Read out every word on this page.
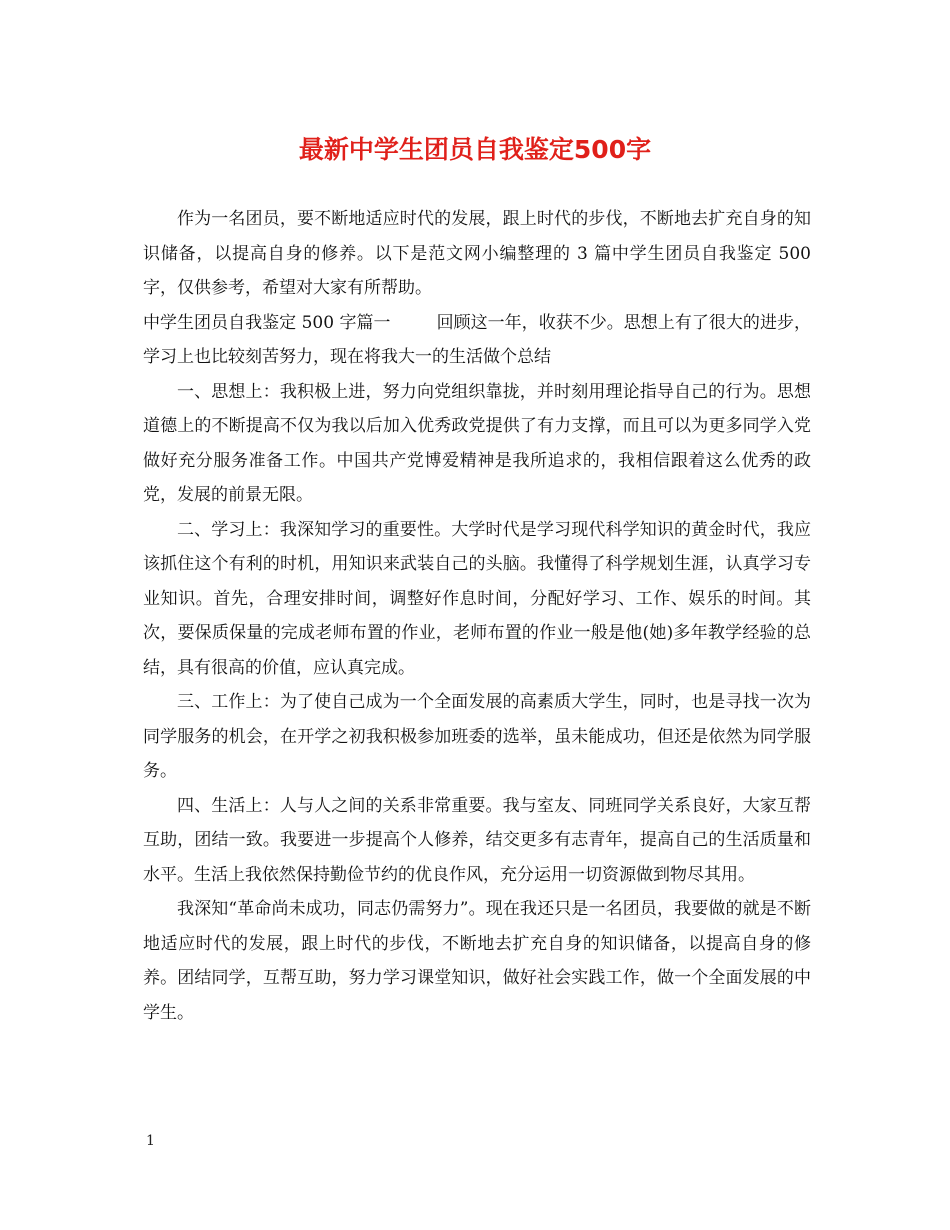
最新中学生团员自我鉴定500字

作为一名团员，要不断地适应时代的发展，跟上时代的步伐，不断地去扩充自身的知识储备，以提高自身的修养。以下是范文网小编整理的 3 篇中学生团员自我鉴定 500 字，仅供参考，希望对大家有所帮助。

中学生团员自我鉴定 500 字篇一	回顾这一年，收获不少。思想上有了很大的进步，学习上也比较刻苦努力，现在将我大一的生活做个总结

一、思想上：我积极上进，努力向党组织靠拢，并时刻用理论指导自己的行为。思想道德上的不断提高不仅为我以后加入优秀政党提供了有力支撑，而且可以为更多同学入党做好充分服务准备工作。中国共产党博爱精神是我所追求的，我相信跟着这么优秀的政党，发展的前景无限。

二、学习上：我深知学习的重要性。大学时代是学习现代科学知识的黄金时代，我应该抓住这个有利的时机，用知识来武装自己的头脑。我懂得了科学规划生涯，认真学习专业知识。首先，合理安排时间，调整好作息时间，分配好学习、工作、娱乐的时间。其次，要保质保量的完成老师布置的作业，老师布置的作业一般是他(她)多年教学经验的总结，具有很高的价值，应认真完成。

三、工作上：为了使自己成为一个全面发展的高素质大学生，同时，也是寻找一次为同学服务的机会，在开学之初我积极参加班委的选举，虽未能成功，但还是依然为同学服务。

四、生活上：人与人之间的关系非常重要。我与室友、同班同学关系良好，大家互帮互助，团结一致。我要进一步提高个人修养，结交更多有志青年，提高自己的生活质量和水平。生活上我依然保持勤俭节约的优良作风，充分运用一切资源做到物尽其用。

我深知“革命尚未成功，同志仍需努力”。现在我还只是一名团员，我要做的就是不断地适应时代的发展，跟上时代的步伐，不断地去扩充自身的知识储备，以提高自身的修养。团结同学，互帮互助，努力学习课堂知识，做好社会实践工作，做一个全面发展的中学生。

1
